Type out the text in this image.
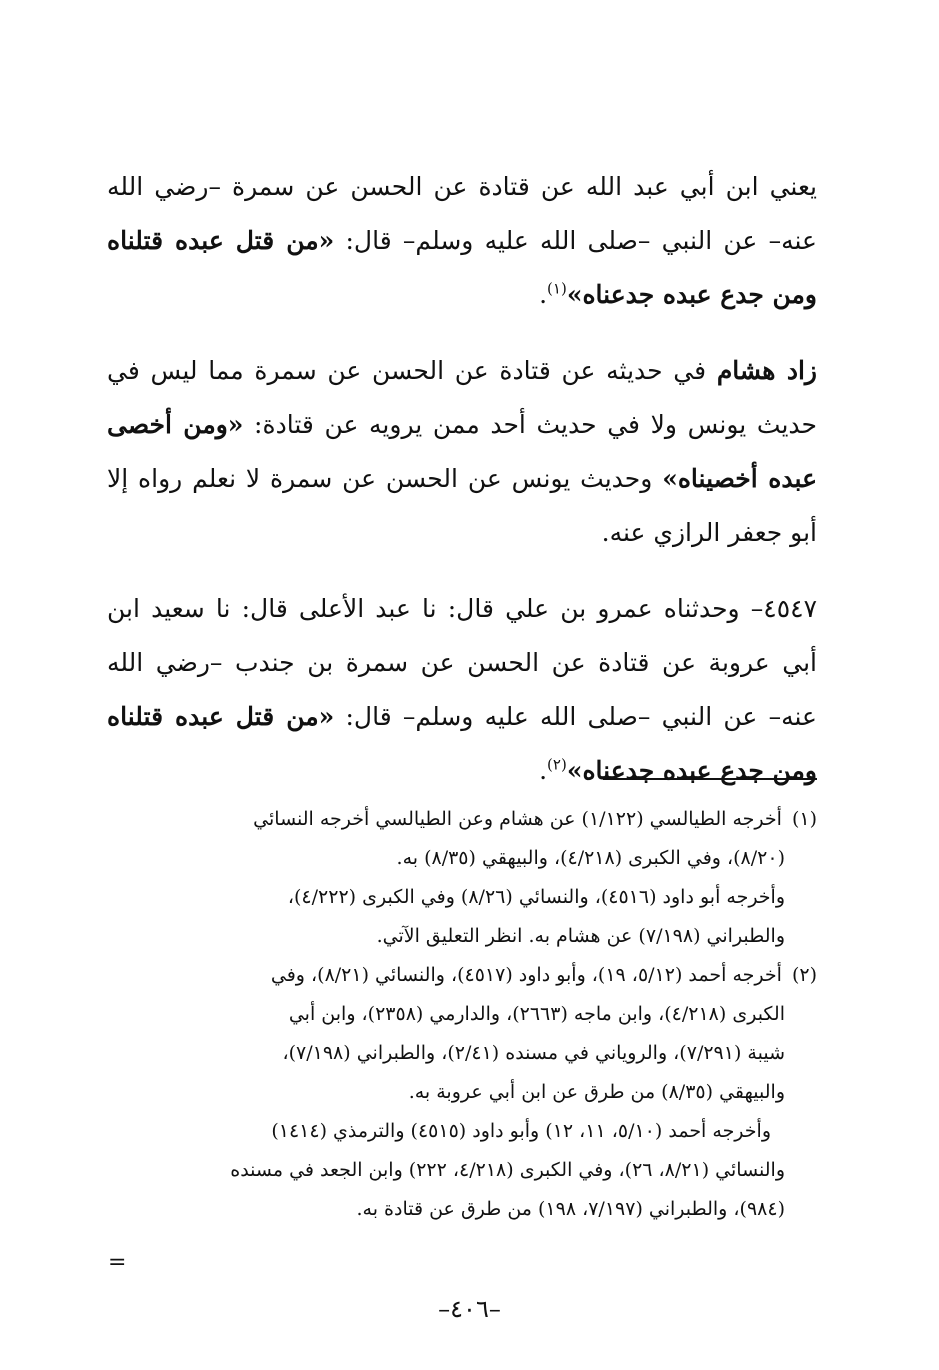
يعني ابن أبي عبد الله عن قتادة عن الحسن عن سمرة –رضي الله عنه– عن النبي –صلى الله عليه وسلم– قال: «من قتل عبده قتلناه ومن جدع عبده جدعناه»$^{(١)}$.

زاد هشام في حديثه عن قتادة عن الحسن عن سمرة مما ليس في حديث يونس ولا في حديث أحد ممن يرويه عن قتادة: «ومن أخصى عبده أخصيناه» وحديث يونس عن الحسن عن سمرة لا نعلم رواه إلا أبو جعفر الرازي عنه.

٤٥٤٧– وحدثناه عمرو بن علي قال: نا عبد الأعلى قال: نا سعيد ابن أبي عروبة عن قتادة عن الحسن عن سمرة بن جندب –رضي الله عنه– عن النبي –صلى الله عليه وسلم– قال: «من قتل عبده قتلناه ومن جدع عبده جدعناه»$^{(٢)}$.

(١) أخرجه الطيالسي (١/١٢٢) عن هشام وعن الطيالسي أخرجه النسائي
(٨/٢٠)، وفي الكبرى (٤/٢١٨)، والبيهقي (٨/٣٥) به.
وأخرجه أبو داود (٤٥١٦)، والنسائي (٨/٢٦) وفي الكبرى (٤/٢٢٢)،
والطبراني (٧/١٩٨) عن هشام به. انظر التعليق الآتي.
(٢) أخرجه أحمد (٥/١٢، ١٩)، وأبو داود (٤٥١٧)، والنسائي (٨/٢١)، وفي
الكبرى (٤/٢١٨)، وابن ماجه (٢٦٦٣)، والدارمي (٢٣٥٨)، وابن أبي
شيبة (٧/٢٩١)، والروياني في مسنده (٢/٤١)، والطبراني (٧/١٩٨)،
والبيهقي (٨/٣٥) من طرق عن ابن أبي عروبة به.
وأخرجه أحمد (٥/١٠، ١١، ١٢) وأبو داود (٤٥١٥) والترمذي (١٤١٤)
والنسائي (٨/٢١، ٢٦)، وفي الكبرى (٤/٢١٨، ٢٢٢) وابن الجعد في مسنده
(٩٨٤)، والطبراني (٧/١٩٧، ١٩٨) من طرق عن قتادة به.
=
–٤٠٦–
